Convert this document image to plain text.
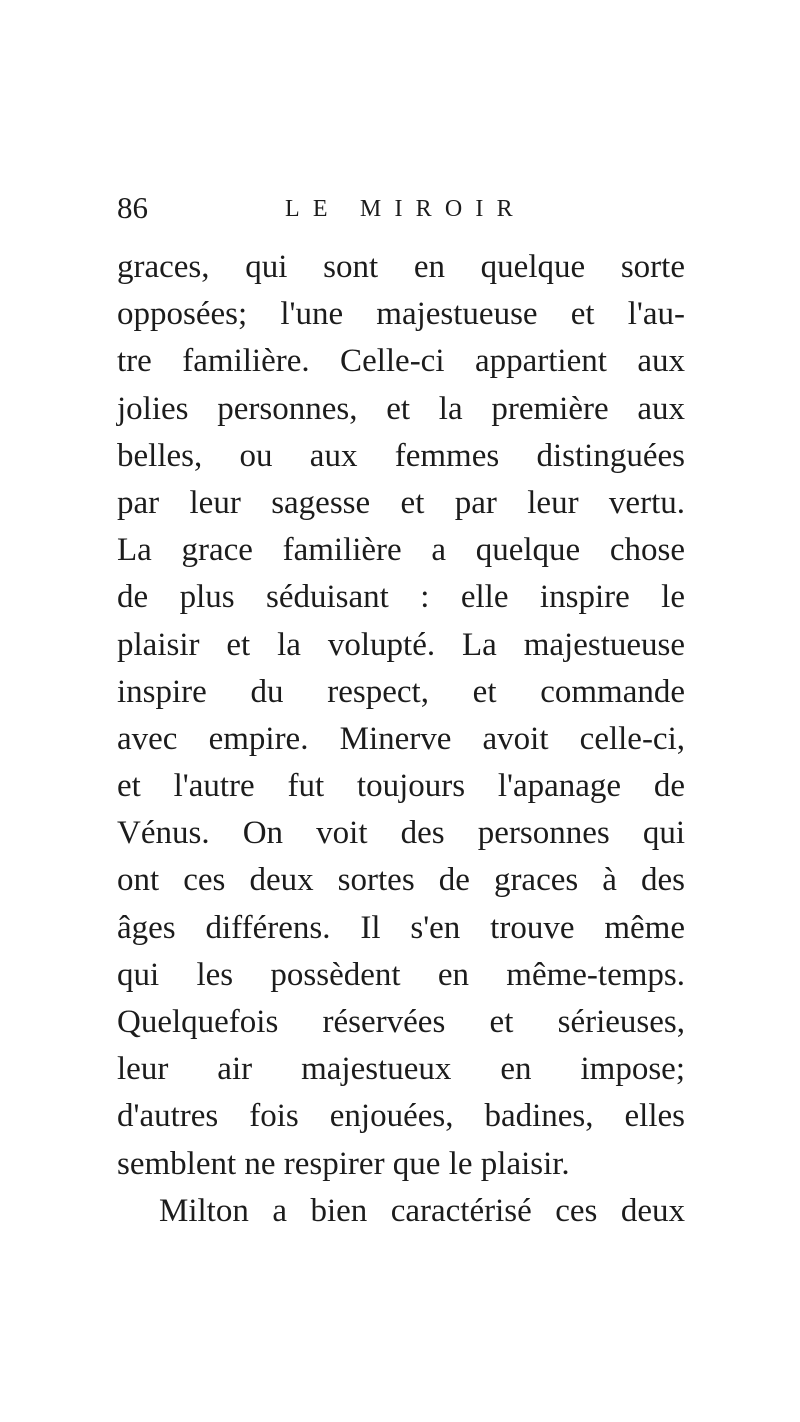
86	LE MIROIR
graces, qui sont en quelque sorte
opposées; l'une majestueuse et l'au-
tre familière. Celle-ci appartient aux
jolies personnes, et la première aux
belles, ou aux femmes distinguées
par leur sagesse et par leur vertu.
La grace familière a quelque chose
de plus séduisant : elle inspire le
plaisir et la volupté. La majestueuse
inspire du respect, et commande
avec empire. Minerve avoit celle-ci,
et l'autre fut toujours l'apanage de
Vénus. On voit des personnes qui
ont ces deux sortes de graces à des
âges différens. Il s'en trouve même
qui les possèdent en même-temps.
Quelquefois réservées et sérieuses,
leur air majestueux en impose;
d'autres fois enjouées, badines, elles
semblent ne respirer que le plaisir.
Milton a bien caractérisé ces deux
